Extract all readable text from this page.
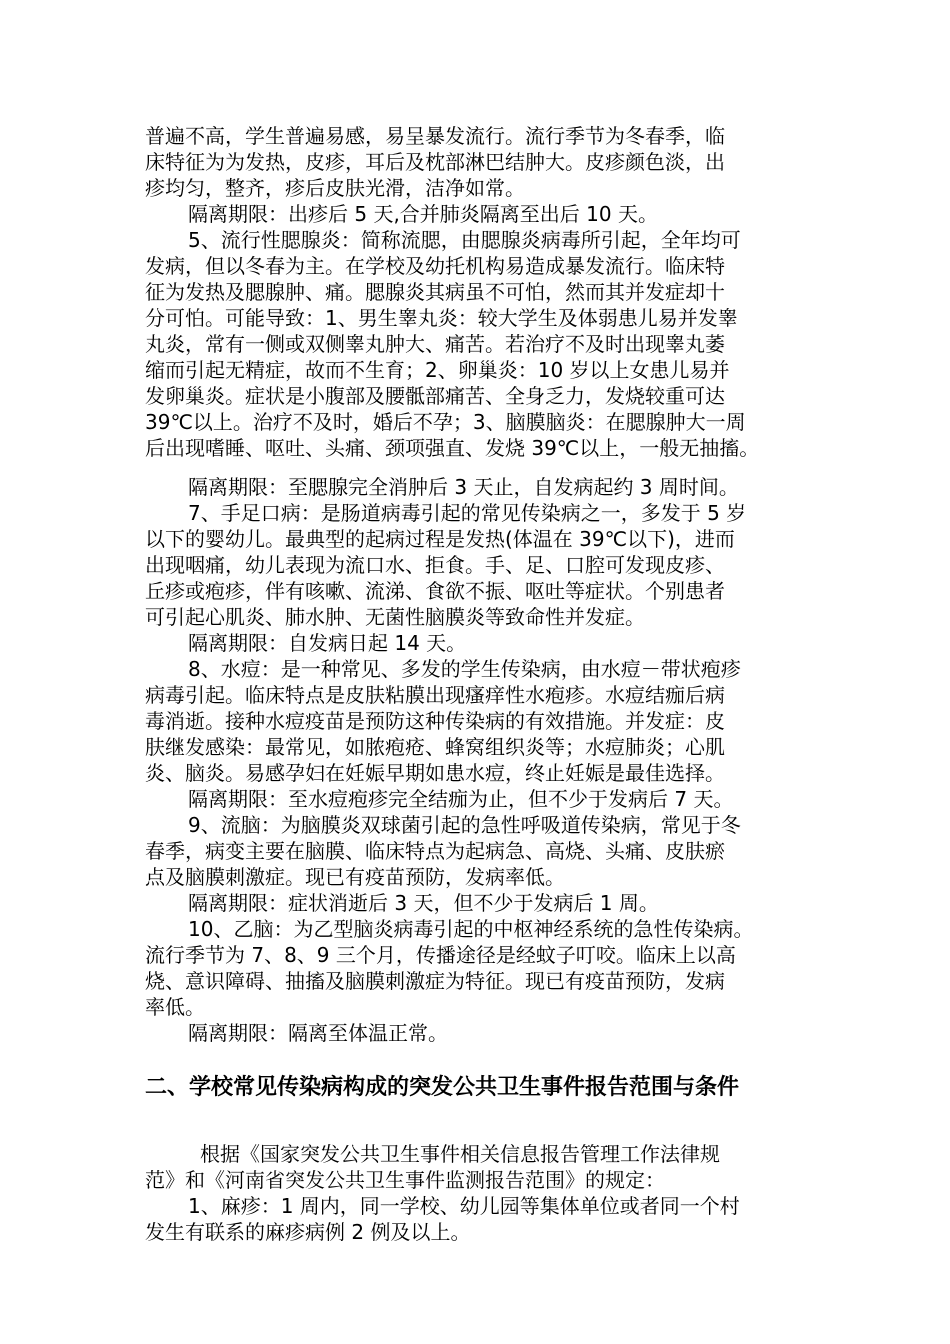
普遍不高，学生普遍易感，易呈暴发流行。流行季节为冬春季，临
床特征为为发热，皮疹，耳后及枕部淋巴结肿大。皮疹颜色淡，出
疹均匀，整齐，疹后皮肤光滑，洁净如常。
隔离期限：出疹后 5 天,合并肺炎隔离至出后 10 天。
5、流行性腮腺炎：简称流腮，由腮腺炎病毒所引起，全年均可
发病，但以冬春为主。在学校及幼托机构易造成暴发流行。临床特
征为发热及腮腺肿、痛。腮腺炎其病虽不可怕，然而其并发症却十
分可怕。可能导致：1、男生睾丸炎：较大学生及体弱患儿易并发睾
丸炎，常有一侧或双侧睾丸肿大、痛苦。若治疗不及时出现睾丸萎
缩而引起无精症，故而不生育；2、卵巢炎：10 岁以上女患儿易并
发卵巢炎。症状是小腹部及腰骶部痛苦、全身乏力，发烧较重可达
39℃以上。治疗不及时，婚后不孕；3、脑膜脑炎：在腮腺肿大一周
后出现嗜睡、呕吐、头痛、颈项强直、发烧 39℃以上，一般无抽搐。
隔离期限：至腮腺完全消肿后 3 天止，自发病起约 3 周时间。
7、手足口病：是肠道病毒引起的常见传染病之一，多发于 5 岁
以下的婴幼儿。最典型的起病过程是发热(体温在 39℃以下)，进而
出现咽痛，幼儿表现为流口水、拒食。手、足、口腔可发现皮疹、
丘疹或疱疹，伴有咳嗽、流涕、食欲不振、呕吐等症状。个别患者
可引起心肌炎、肺水肿、无菌性脑膜炎等致命性并发症。
隔离期限：自发病日起 14 天。
8、水痘：是一种常见、多发的学生传染病，由水痘－带状疱疹
病毒引起。临床特点是皮肤粘膜出现瘙痒性水疱疹。水痘结痂后病
毒消逝。接种水痘疫苗是预防这种传染病的有效措施。并发症：皮
肤继发感染：最常见，如脓疱疮、蜂窝组织炎等；水痘肺炎；心肌
炎、脑炎。易感孕妇在妊娠早期如患水痘，终止妊娠是最佳选择。
隔离期限：至水痘疱疹完全结痂为止，但不少于发病后 7 天。
9、流脑：为脑膜炎双球菌引起的急性呼吸道传染病，常见于冬
春季，病变主要在脑膜、临床特点为起病急、高烧、头痛、皮肤瘀
点及脑膜刺激症。现已有疫苗预防，发病率低。
隔离期限：症状消逝后 3 天，但不少于发病后 1 周。
10、乙脑：为乙型脑炎病毒引起的中枢神经系统的急性传染病。
流行季节为 7、8、9 三个月，传播途径是经蚊子叮咬。临床上以高
烧、意识障碍、抽搐及脑膜刺激症为特征。现已有疫苗预防，发病
率低。
隔离期限：隔离至体温正常。
二、学校常见传染病构成的突发公共卫生事件报告范围与条件
根据《国家突发公共卫生事件相关信息报告管理工作法律规
范》和《河南省突发公共卫生事件监测报告范围》的规定：
1、麻疹：1 周内，同一学校、幼儿园等集体单位或者同一个村
发生有联系的麻疹病例 2 例及以上。
